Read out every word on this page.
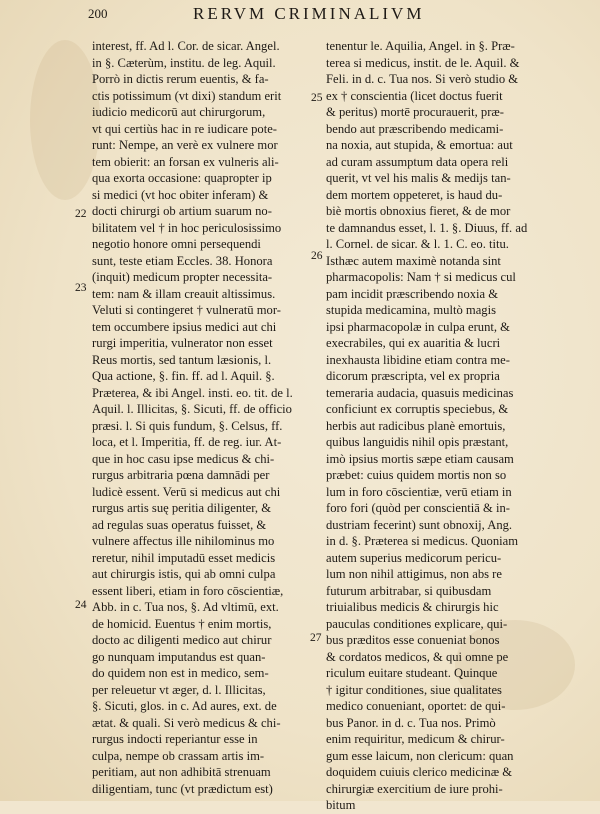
200	RERVM CRIMINALIVM
22
23
24
25
26
27
interest, ff. Ad l. Cor. de sicar. Angel.
in §. Cæterùm, institu. de leg. Aquil.
Porrò in dictis rerum euentis, & fa-
ctis potissimum (vt dixi) standum erit
iudicio medicorū aut chirurgorum,
vt qui certiùs hac in re iudicare pote-
runt: Nempe, an verè ex vulnere mor
tem obierit: an forsan ex vulneris ali-
qua exorta occasione: quapropter ip
si medici (vt hoc obiter inferam) &
docti chirurgi ob artium suarum no-
bilitatem vel † in hoc periculosissimo
negotio honore omni persequendi
sunt, teste etiam Eccles. 38. Honora
(inquit) medicum propter necessita-
tem: nam & illam creauit altissimus.
Veluti si contingeret † vulneratū mor-
tem occumbere ipsius medici aut chi
rurgi imperitia, vulnerator non esset
Reus mortis, sed tantum læsionis, l.
Qua actione, §. fin. ff. ad l. Aquil. §.
Præterea, & ibi Angel. insti. eo. tit. de l.
Aquil. l. Illicitas, §. Sicuti, ff. de officio
præsi. l. Si quis fundum, §. Celsus, ff.
loca, et l. Imperitia, ff. de reg. iur. At-
que in hoc casu ipse medicus & chi-
rurgus arbitraria pœna damnādi per
ludicè essent. Verū si medicus aut chi
rurgus artis suę peritia diligenter, &
ad regulas suas operatus fuisset, &
vulnere affectus ille nihilominus mo
reretur, nihil imputadū esset medicis
aut chirurgis istis, qui ab omni culpa
essent liberi, etiam in foro cōscientiæ,
Abb. in c. Tua nos, §. Ad vltimū, ext.
de homicid. Euentus † enim mortis,
docto ac diligenti medico aut chirur
go nunquam imputandus est quan-
do quidem non est in medico, sem-
per releuetur vt æger, d. l. Illicitas,
§. Sicuti, glos. in c. Ad aures, ext. de
ætat. & quali. Si verò medicus & chi-
rurgus indocti reperiantur esse in
culpa, nempe ob crassam artis im-
peritiam, aut non adhibitā strenuam
diligentiam, tunc (vt prædictum est)
tenentur le. Aquilia, Angel. in §. Præ-
terea si medicus, instit. de le. Aquil. &
Feli. in d. c. Tua nos. Si verò studio &
ex † conscientia (licet doctus fuerit
& peritus) mortē procurauerit, præ-
bendo aut præscribendo medicami-
na noxia, aut stupida, & emortua: aut
ad curam assumptum data opera reli
querit, vt vel his malis & medijs tan-
dem mortem oppeteret, is haud du-
biè mortis obnoxius fieret, & de mor
te damnandus esset, l. 1. §. Diuus, ff. ad
l. Cornel. de sicar. & l. 1. C. eo. titu.
Isthæc autem maximè notanda sint
pharmacopolis: Nam † si medicus cul
pam incidit præscribendo noxia &
stupida medicamina, multò magis
ipsi pharmacopolæ in culpa erunt, &
execrabiles, qui ex auaritia & lucri
inexhausta libidine etiam contra me-
dicorum præscripta, vel ex propria
temeraria audacia, quasuis medicinas
conficiunt ex corruptis speciebus, &
herbis aut radicibus planè emortuis,
quibus languidis nihil opis præstant,
imò ipsius mortis sæpe etiam causam
præbet: cuius quidem mortis non so
lum in foro cōscientiæ, verū etiam in
foro fori (quòd per conscientiā & in-
dustriam fecerint) sunt obnoxij, Ang.
in d. §. Præterea si medicus. Quoniam
autem superius medicorum pericu-
lum non nihil attigimus, non abs re
futurum arbitrabar, si quibusdam
triuialibus medicis & chirurgis hic
pauculas conditiones explicare, qui-
bus præditos esse conueniat bonos
& cordatos medicos, & qui omne pe
riculum euitare studeant. Quinque
† igitur conditiones, siue qualitates
medico conueniant, oportet: de qui-
bus Panor. in d. c. Tua nos. Primò
enim requiritur, medicum & chirur-
gum esse laicum, non clericum: quan
doquidem cuiuis clerico medicinæ &
chirurgiæ exercitium de iure prohi-
bitum
